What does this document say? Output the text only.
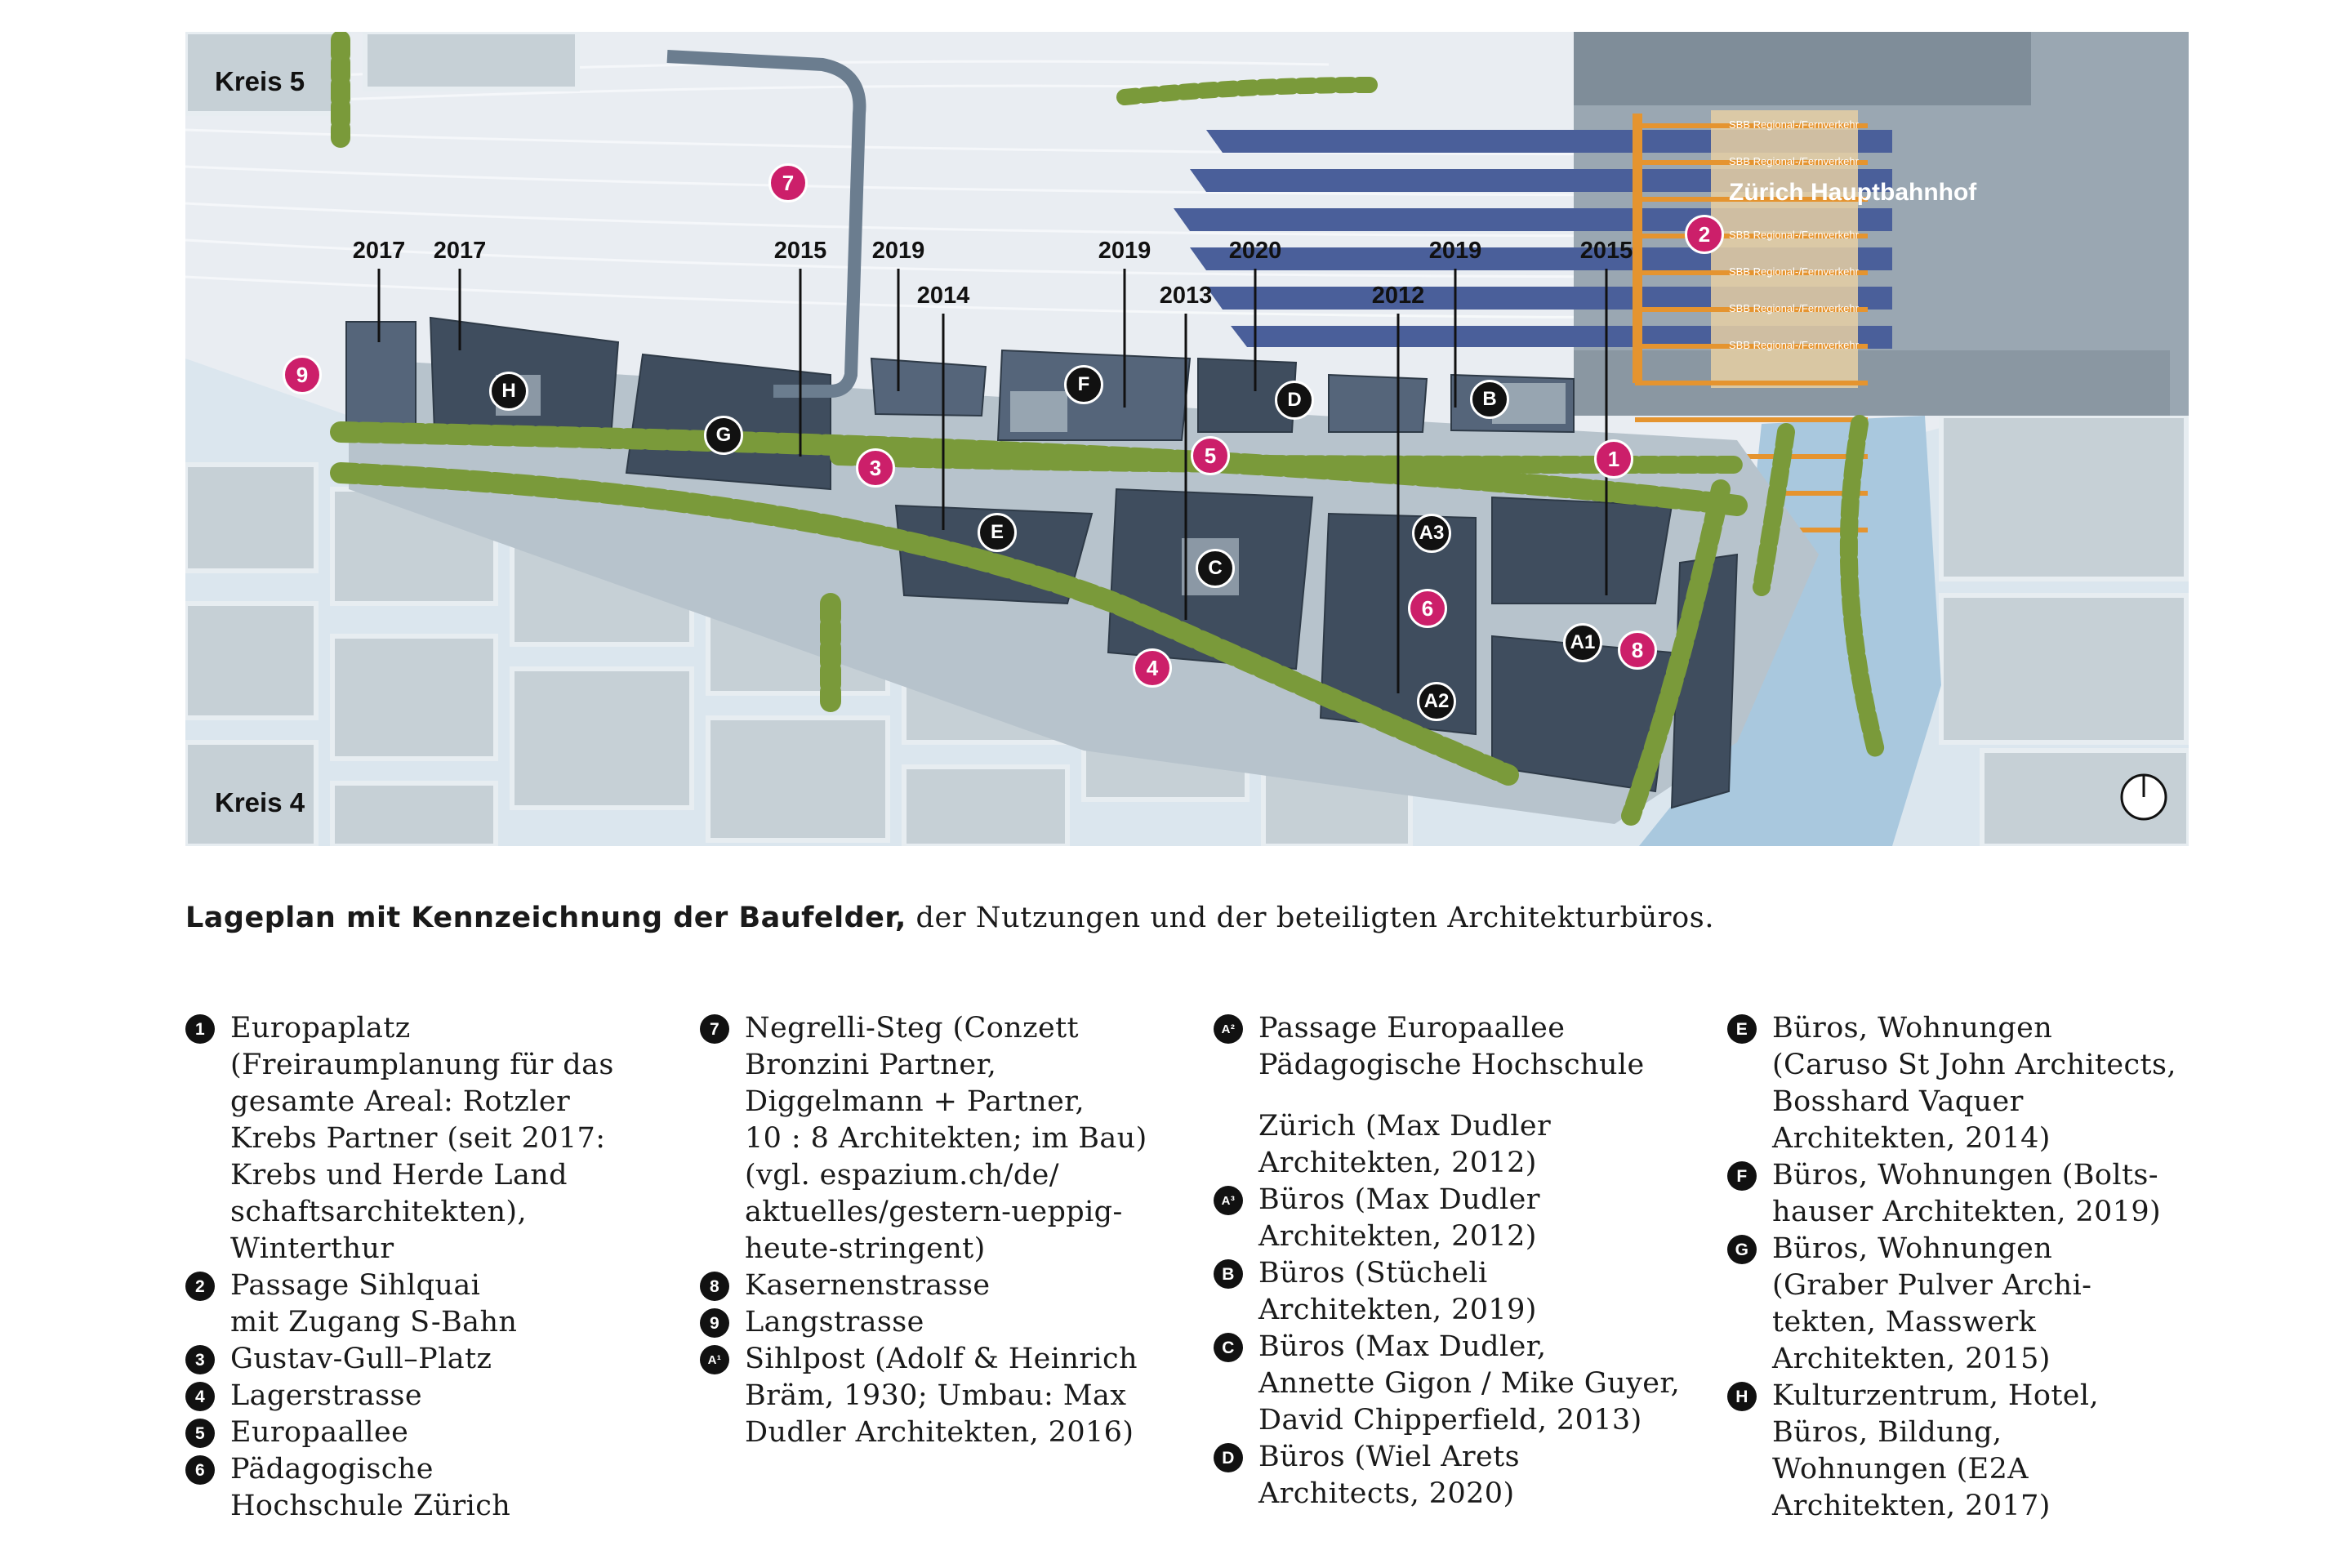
Kreis 5
Kreis 4
Zürich Hauptbahnhof
SBB Regional-/Fernverkehr
SBB Regional-/Fernverkehr
SBB Regional-/Fernverkehr
SBB Regional-/Fernverkehr
SBB Regional-/Fernverkehr
SBB Regional-/Fernverkehr
2017 2017	2015 2019
2014
2019
2013
2020
2012
2019	2015
H
G
F
D	B
E
C
A3
A1
A2
1
2
3
4
5
6
7
8
9
Lageplan mit Kennzeichnung der Baufelder, der Nutzungen und der beteiligten Architekturbüros.
1 Europaplatz
(Freiraumplanung für das
gesamte Areal: Rotzler
Krebs Partner (seit 2017:
Krebs und Herde Land
schaftsarchitekten),
Winterthur
2 Passage Sihlquai
mit Zugang S-Bahn
3 Gustav-Gull–Platz
4 Lagerstrasse
5 Europaallee
6 Pädagogische
Hochschule Zürich
7 Negrelli-Steg (Conzett
Bronzini Partner,
Diggelmann + Partner,
10 : 8 Architekten; im Bau)
(vgl. espazium.ch/de/
aktuelles/gestern-ueppig-
heute-stringent)
8 Kasernenstrasse
9 Langstrasse
A¹ Sihlpost (Adolf & Heinrich
Bräm, 1930; Umbau: Max
Dudler Architekten, 2016)
A² Passage Europaallee
Pädagogische Hochschule
Zürich (Max Dudler
Architekten, 2012)
A³ Büros (Max Dudler
Architekten, 2012)
B Büros (Stücheli
Architekten, 2019)
C Büros (Max Dudler,
Annette Gigon / Mike Guyer,
David Chipperfield, 2013)
D Büros (Wiel Arets
Architects, 2020)
E Büros, Wohnungen
(Caruso St John Architects,
Bosshard Vaquer
Architekten, 2014)
F Büros, Wohnungen (Bolts-
hauser Architekten, 2019)
G Büros, Wohnungen
(Graber Pulver Archi-
tekten, Masswerk
Architekten, 2015)
H Kulturzentrum, Hotel,
Büros, Bildung,
Wohnungen (E2A
Architekten, 2017)
